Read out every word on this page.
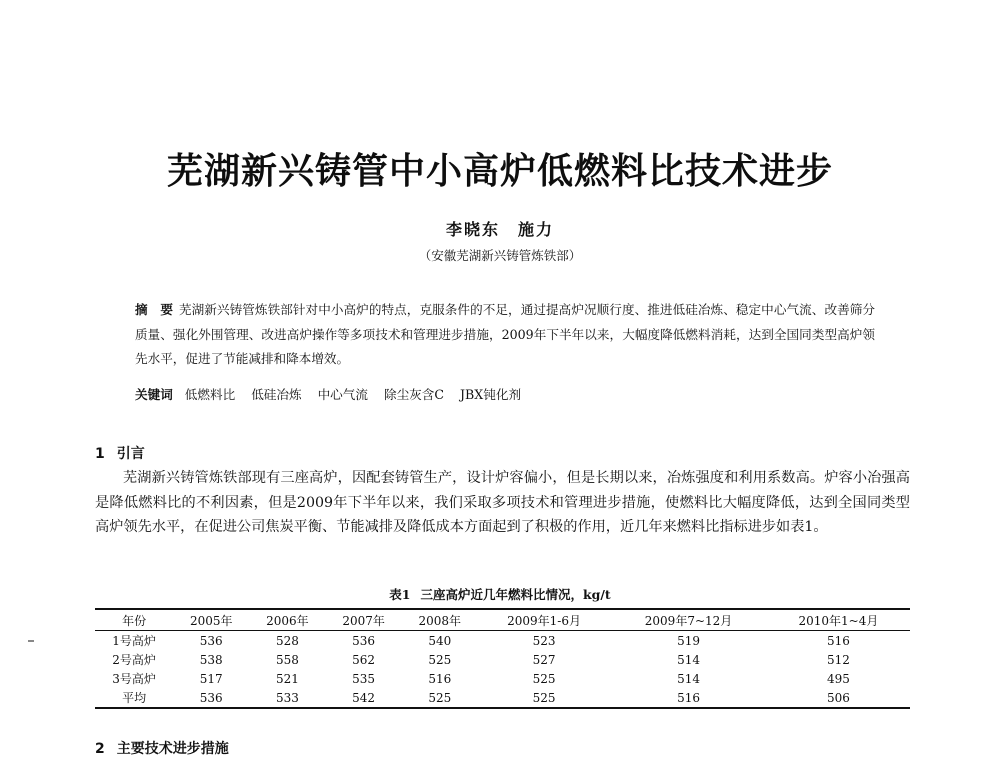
芜湖新兴铸管中小高炉低燃料比技术进步
李晓东　施力
（安徽芜湖新兴铸管炼铁部）
摘　要 芜湖新兴铸管炼铁部针对中小高炉的特点，克服条件的不足，通过提高炉况顺行度、推进低硅冶炼、稳定中心气流、改善筛分质量、强化外围管理、改进高炉操作等多项技术和管理进步措施，2009年下半年以来，大幅度降低燃料消耗，达到全国同类型高炉领先水平，促进了节能减排和降本增效。
关键词 低燃料比 低硅冶炼 中心气流 除尘灰含C JBX钝化剂
1 引言
芜湖新兴铸管炼铁部现有三座高炉，因配套铸管生产，设计炉容偏小，但是长期以来，冶炼强度和利用系数高。炉容小冶强高是降低燃料比的不利因素，但是2009年下半年以来，我们采取多项技术和管理进步措施，使燃料比大幅度降低，达到全国同类型高炉领先水平，在促进公司焦炭平衡、节能减排及降低成本方面起到了积极的作用，近几年来燃料比指标进步如表1。
表1 三座高炉近几年燃料比情况，kg/t
年份	2005年	2006年	2007年	2008年	2009年1-6月	2009年7~12月	2010年1~4月
1号高炉	536	528	536	540	523	519	516
2号高炉	538	558	562	525	527	514	512
3号高炉	517	521	535	516	525	514	495
平均	536	533	542	525	525	516	506
2 主要技术进步措施
